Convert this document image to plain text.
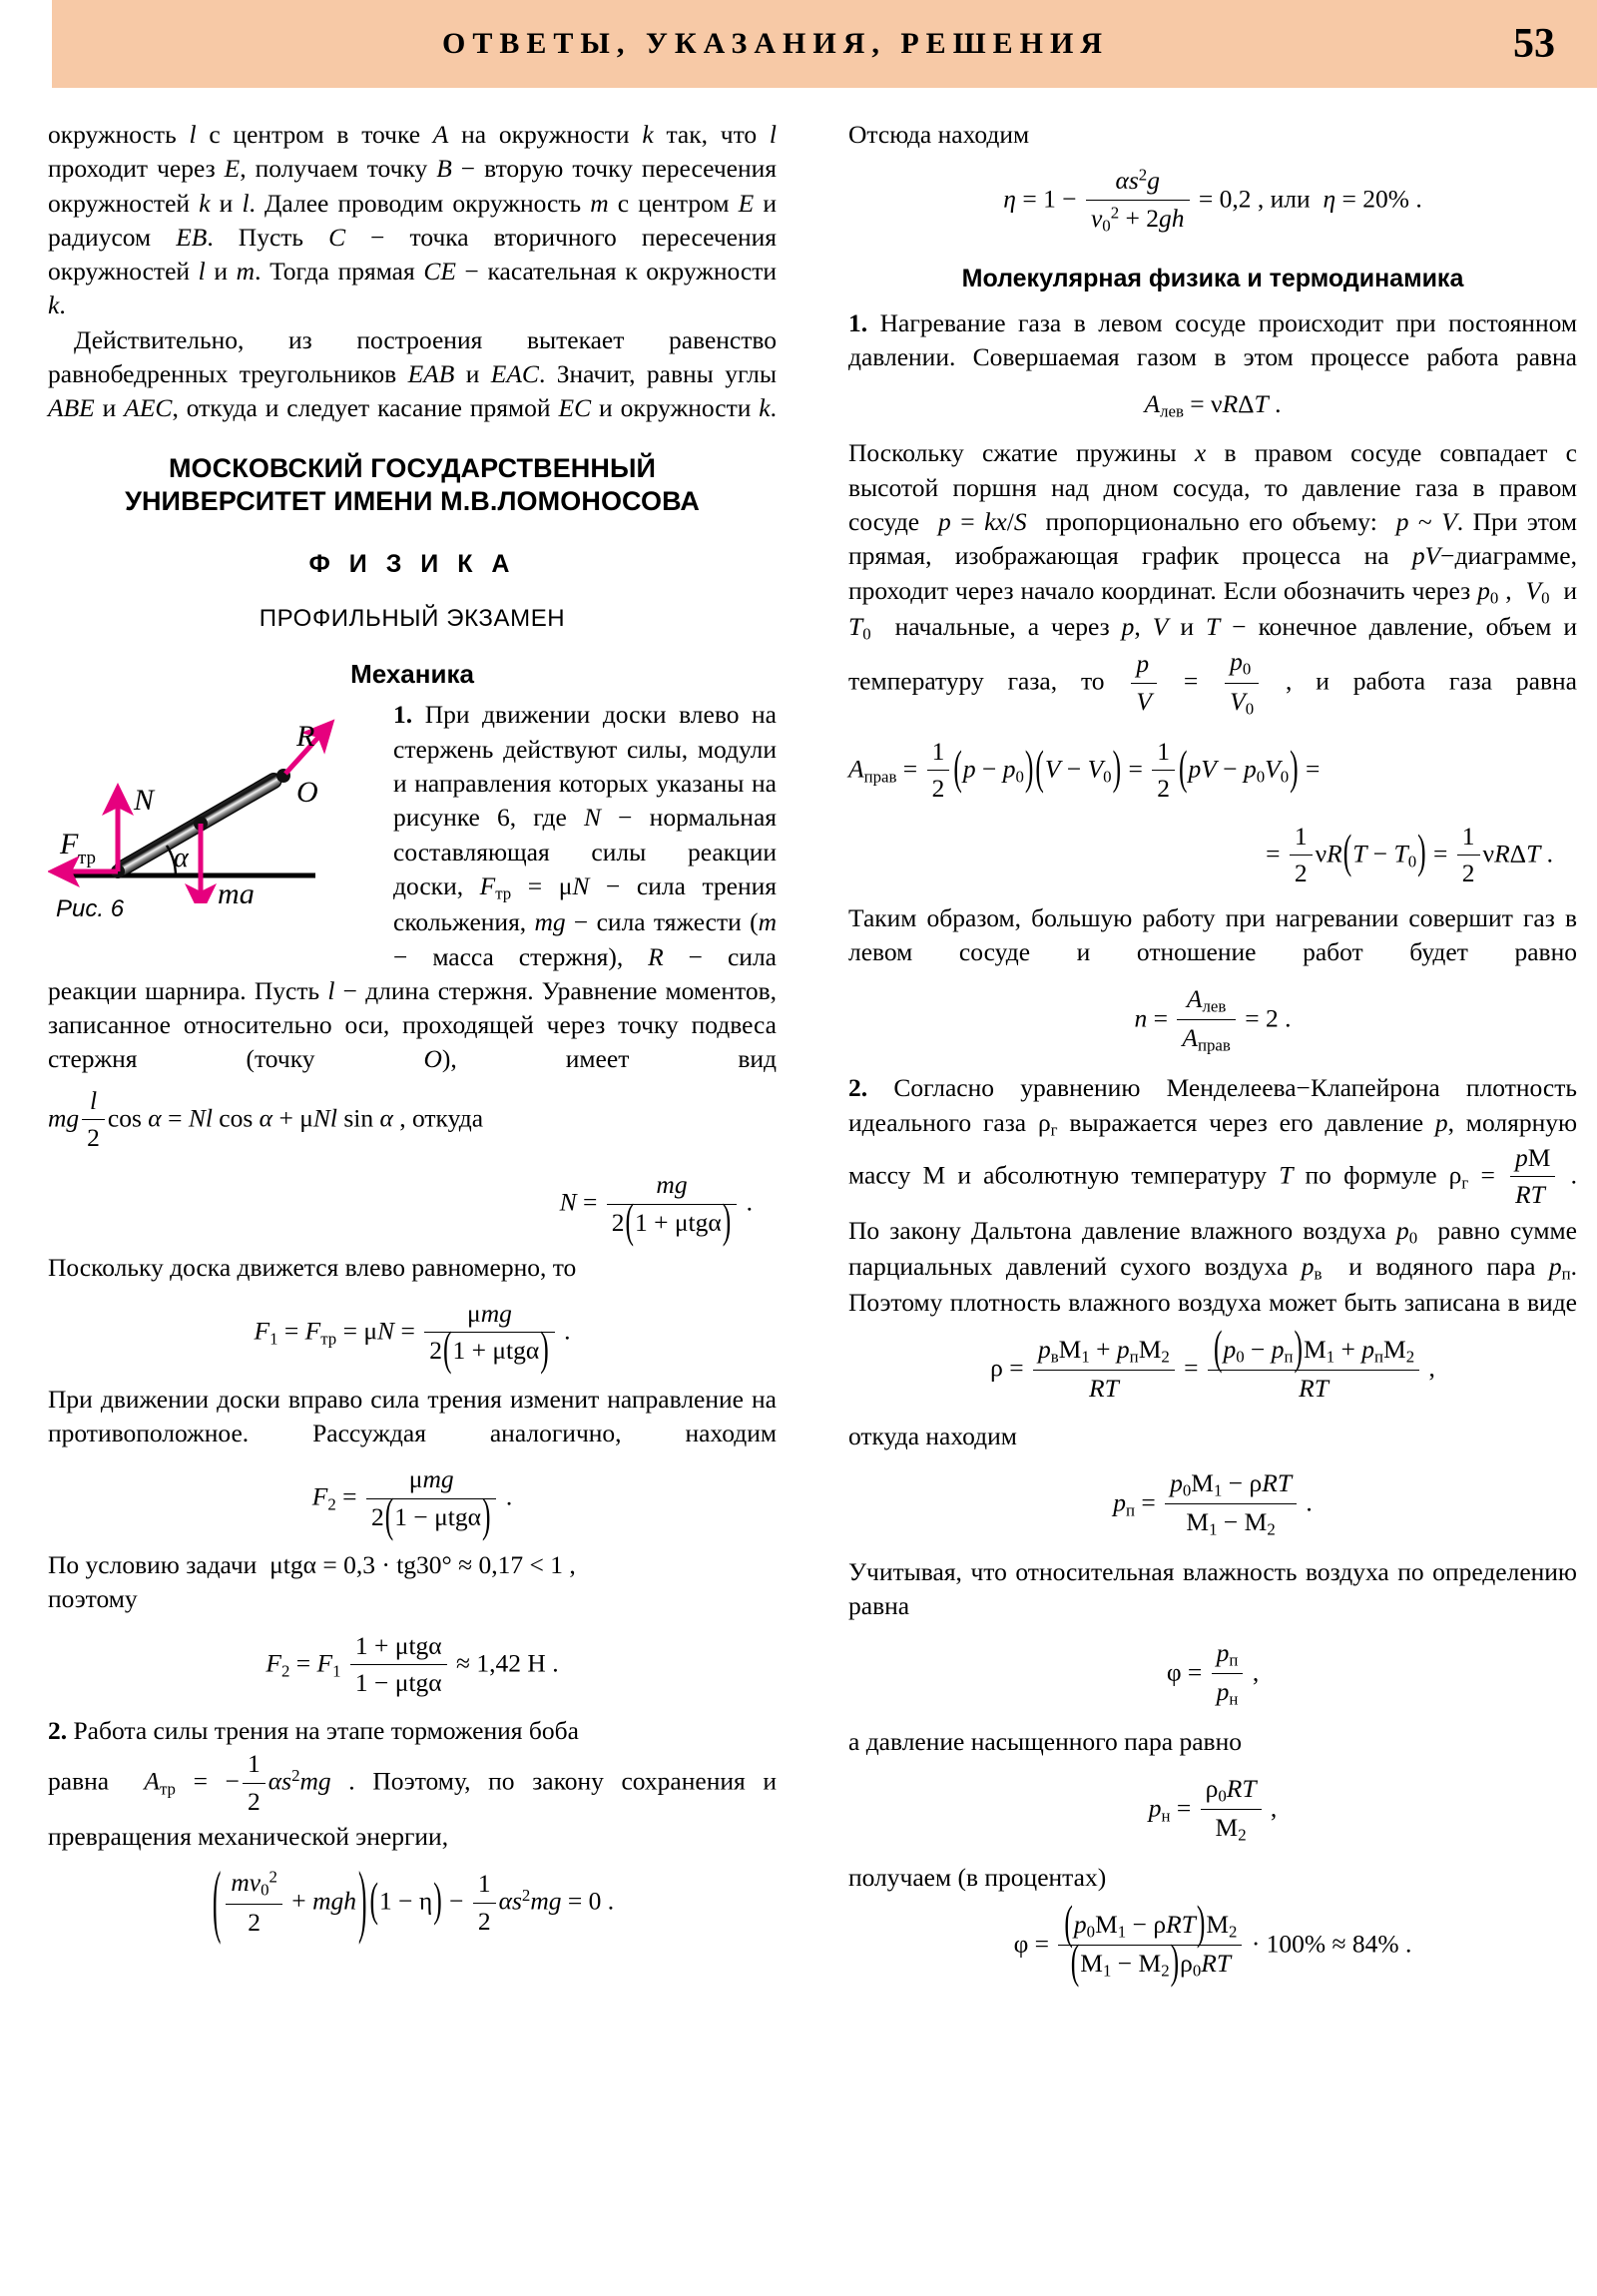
ОТВЕТЫ, УКАЗАНИЯ, РЕШЕНИЯ	53

окружность l с центром в точке A на окружности k так, что l проходит через E, получаем точку B − вторую точку пересечения окружностей k и l. Далее проводим окружность m с центром E и радиусом EB. Пусть C − точка вторичного пересечения окружностей l и m. Тогда прямая CE − касательная к окружности k.

Действительно, из построения вытекает равенство равнобедренных треугольников EAB и EAC. Значит, равны углы ABE и AEC, откуда и следует касание прямой EC и окружности k.

МОСКОВСКИЙ ГОСУДАРСТВЕННЫЙ
УНИВЕРСИТЕТ ИМЕНИ М.В.ЛОМОНОСОВА
Ф И З И К А
ПРОФИЛЬНЫЙ ЭКЗАМЕН
Механика
R
O
N
F тр	α
mg
Рис. 6

1. При движении доски влево на стержень действуют силы, модули и направления которых указаны на рисунке 6, где N − нормальная составляющая силы реакции доски, $F_{тр} = \mu N$ − сила трения скольжения, mg − сила тяжести (m − масса стержня), R − сила реакции шарнира. Пусть l − длина стержня. Уравнение моментов, записанное относительно оси, проходящей через точку подвеса стержня (точку O), имеет вид

mg $\frac{l}{2}$ cos α = Nl cos α + μNl sin α , откуда
$N = \frac{mg}{\text{2(1 + μtgα)}}$ .

Поскольку доска движется влево равномерно, то

$F_1 = F_{тр} = \mu N = \frac{\text{μmg}}{\text{2(1 + μtgα)}}$ .

При движении доски вправо сила трения изменит направление на противоположное. Рассуждая аналогично, находим

$F_2 = \frac{\text{μmg}}{\text{2(1 − μtgα)}}$ .

По условию задачи  μtgα = 0,3 · tg30° ≈ 0,17 < 1 ,

поэтому

$F_2 = F_1 \frac{\text{1 + μtgα}}{\text{1 − μtgα}} \approx 1,42$ Н .

2. Работа силы трения на этапе торможения боба

равна  $A_{тр}$ = − $\frac{1}{2} \alpha s^2mg$ . Поэтому, по закону сохранения и превращения механической энергии,

( $\frac{mv_0^2}{2} + mgh$) $(1 - \eta) - \frac{1}{2} \alpha s^2mg = 0$ .

Отсюда находим

$\eta = 1 - \frac{\alpha s^2g}{v_0^2 + 2gh} = 0,2$ , или η = 20% .
Молекулярная физика и термодинамика

1. Нагревание газа в левом сосуде происходит при постоянном давлении. Совершаемая газом в этом процессе работа равна

$A_{лев} = \nu R\Delta T$ .

Поскольку сжатие пружины x в правом сосуде совпадает с высотой поршня над дном сосуда, то давление газа в правом сосуде  p = kx/S  пропорционально его объему:  p ~ V. При этом прямая, изображающая график процесса на pV−диаграмме, проходит через начало координат. Если обозначить через $p_0$ ,  $V_0$  и $T_0$  начальные, а через p, V и T − конечное давление, объем и температуру газа, то $\frac{p}{V} = \frac{p_0}{V_0}$ , и работа газа равна

$A_{прав} = \frac{1}{2} (p - p_0)(V - V_0) = \frac{1}{2} (pV - p_0V_0)$ =
= $\frac{1}{2} \nu R(T - T_0) = \frac{1}{2}$ νRΔT .

Таким образом, большую работу при нагревании совершит газ в левом сосуде и отношение работ будет равно

$n = \frac{A_{лев}}{A_{прав}} = 2$ .

2. Согласно уравнению Менделеева−Клапейрона плотность идеального газа $\rho_г$ выражается через его давление p, молярную массу М и абсолютную температуру T по формуле $\rho_г = \frac{pМ}{RT}$ .

По закону Дальтона давление влажного воздуха $p_0$  равно сумме парциальных давлений сухого воздуха $p_в$  и водяного пара $p_п$. Поэтому плотность влажного воздуха может быть записана в виде

$\rho = \frac{p_вМ_1 + p_пМ_2}{RT} = \frac{(p_0 - p_п)М_1 + p_пМ_2}{RT}$ ,

откуда находим

$p_п = \frac{p_0М_1 - \rho RT}{М_1 - М_2}$ .

Учитывая, что относительная влажность воздуха по определению равна

$\varphi = \frac{p_п}{p_н}$ ,

а давление насыщенного пара равно

$p_н = \frac{\rho_0RT}{М_2}$ ,

получаем (в процентах)

$\varphi = \frac{(p_0М_1 - \rho RT)М_2}{(М_1 - М_2)\rho_0RT} \cdot 100\% \approx 84\%$ .
